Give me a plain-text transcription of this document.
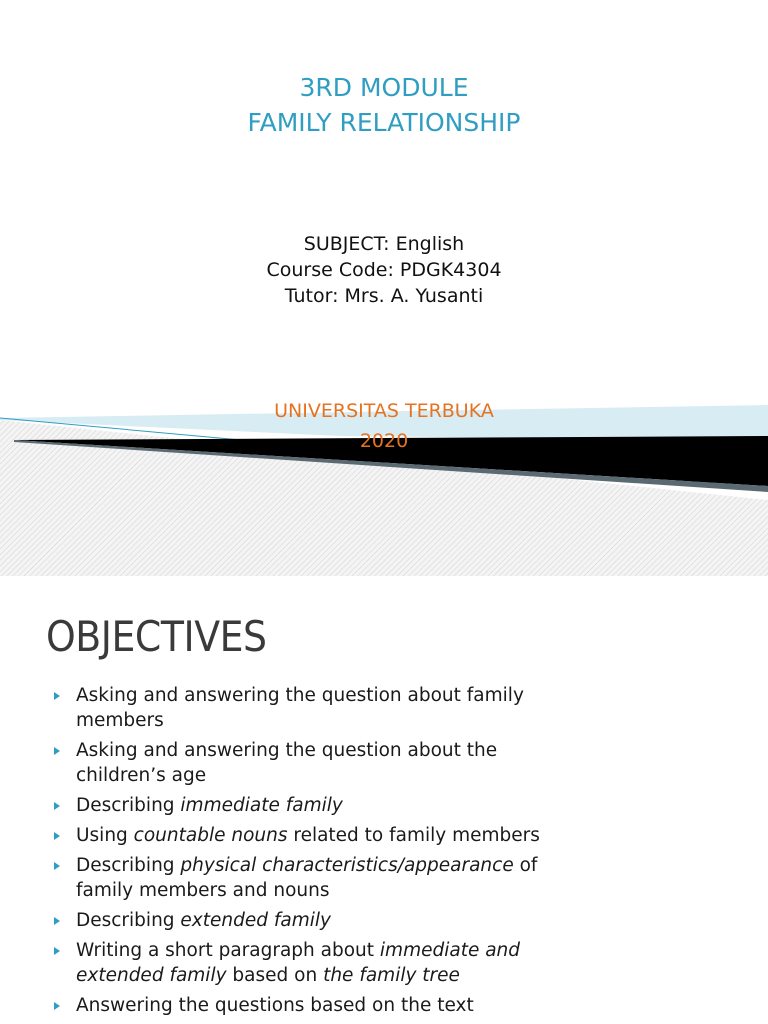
3RD MODULE
FAMILY RELATIONSHIP
SUBJECT: English
Course Code: PDGK4304
Tutor: Mrs. A. Yusanti
UNIVERSITAS TERBUKA
2020
OBJECTIVES
Asking and answering the question about family
members
Asking and answering the question about the
children’s age
Describing immediate family
Using countable nouns related to family members
Describing physical characteristics/appearance of
family members and nouns
Describing extended family
Writing a short paragraph about immediate and
extended family based on the family tree
Answering the questions based on the text
